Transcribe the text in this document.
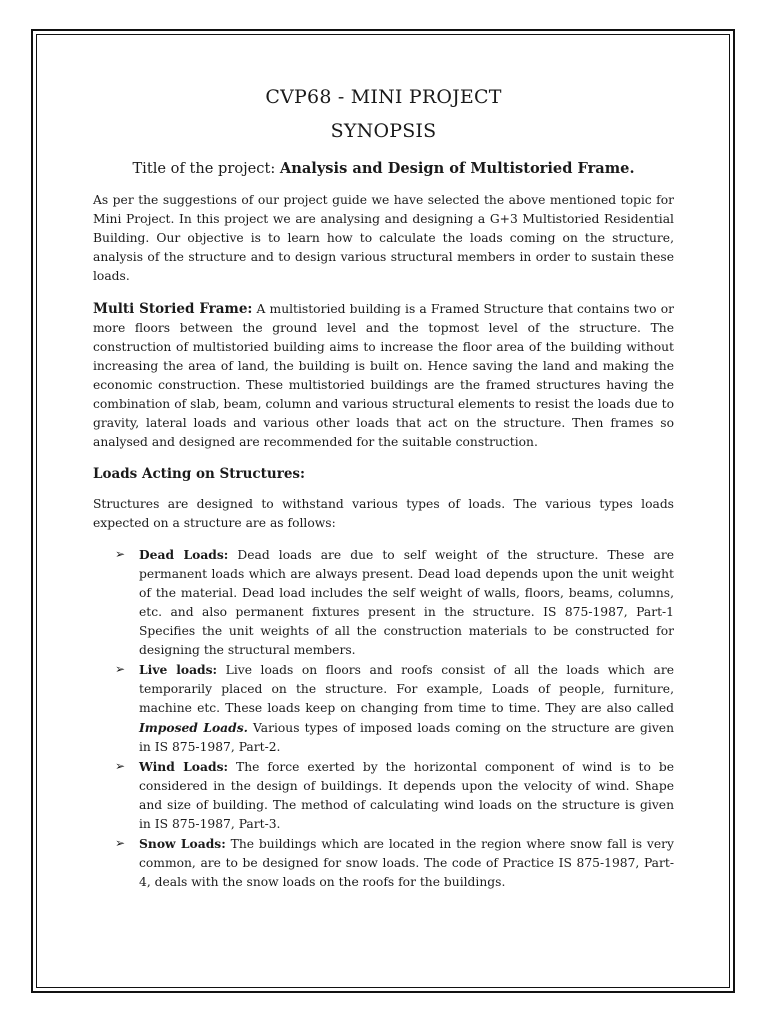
CVP68 - MINI PROJECT
SYNOPSIS

Title of the project: Analysis and Design of Multistoried Frame.

As per the suggestions of our project guide we have selected the above mentioned topic for Mini Project. In this project we are analysing and designing a G+3 Multistoried Residential Building. Our objective is to learn how to calculate the loads coming on the structure, analysis of the structure and to design various structural members in order to sustain these loads.

Multi Storied Frame: A multistoried building is a Framed Structure that contains two or more floors between the ground level and the topmost level of the structure. The construction of multistoried building aims to increase the floor area of the building without increasing the area of land, the building is built on. Hence saving the land and making the economic construction. These multistoried buildings are the framed structures having the combination of slab, beam, column and various structural elements to resist the loads due to gravity, lateral loads and various other loads that act on the structure. Then frames so analysed and designed are recommended for the suitable construction.

Loads Acting on Structures:

Structures are designed to withstand various types of loads. The various types loads expected on a structure are as follows:

➢ Dead Loads: Dead loads are due to self weight of the structure. These are permanent loads which are always present. Dead load depends upon the unit weight of the material. Dead load includes the self weight of walls, floors, beams, columns, etc. and also permanent fixtures present in the structure. IS 875-1987, Part-1 Specifies the unit weights of all the construction materials to be constructed for designing the structural members.

➢ Live loads: Live loads on floors and roofs consist of all the loads which are temporarily placed on the structure. For example, Loads of people, furniture, machine etc. These loads keep on changing from time to time. They are also called Imposed Loads. Various types of imposed loads coming on the structure are given in IS 875-1987, Part-2.

➢ Wind Loads: The force exerted by the horizontal component of wind is to be considered in the design of buildings. It depends upon the velocity of wind. Shape and size of building. The method of calculating wind loads on the structure is given in IS 875-1987, Part-3.

➢ Snow Loads: The buildings which are located in the region where snow fall is very common, are to be designed for snow loads. The code of Practice IS 875-1987, Part-4, deals with the snow loads on the roofs for the buildings.
